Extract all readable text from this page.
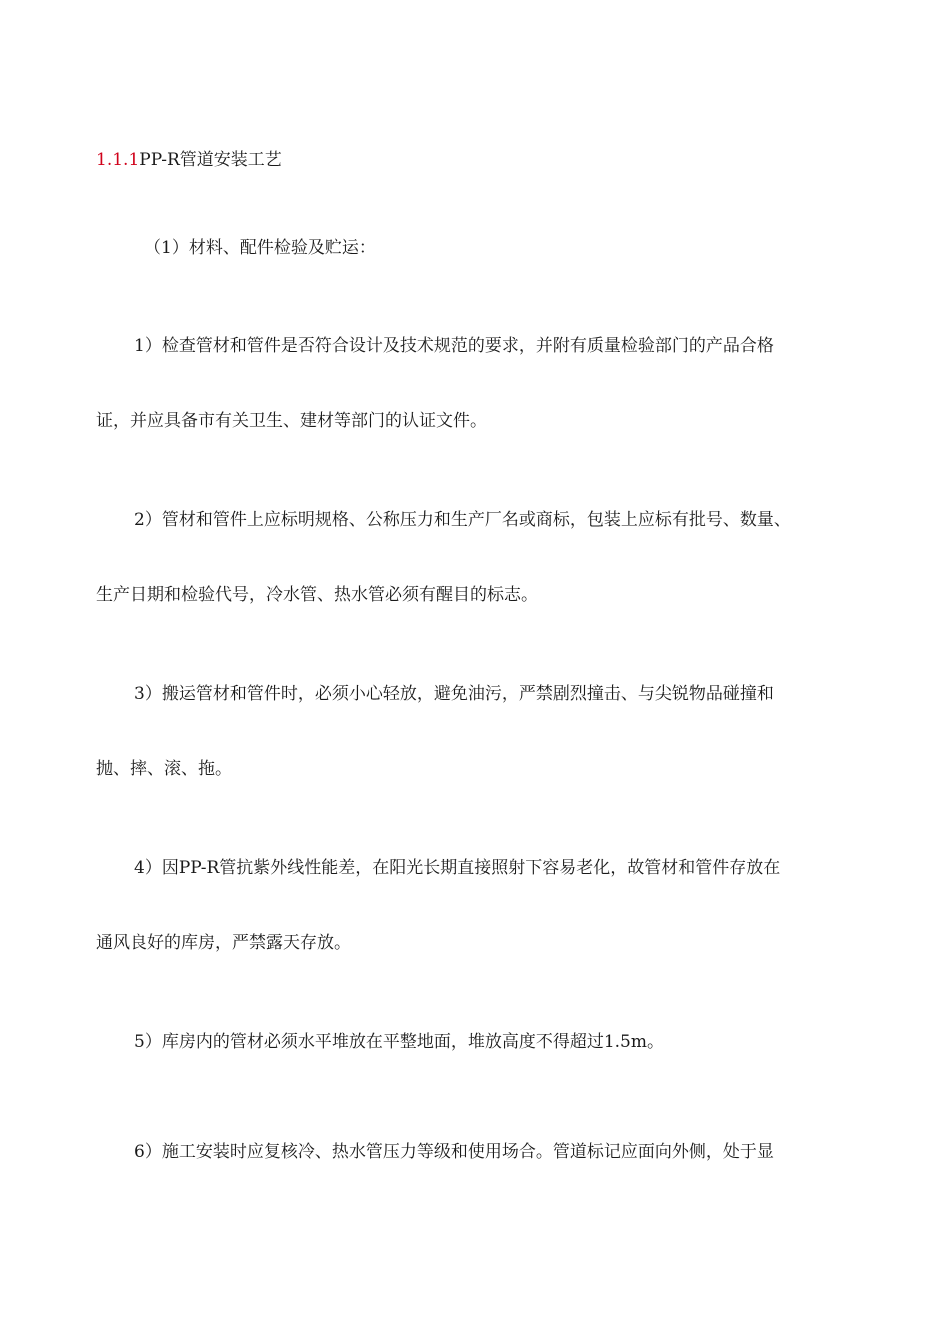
1.1.1PP-R管道安装工艺
（1）材料、配件检验及贮运：
1）检查管材和管件是否符合设计及技术规范的要求，并附有质量检验部门的产品合格
证，并应具备市有关卫生、建材等部门的认证文件。
2）管材和管件上应标明规格、公称压力和生产厂名或商标，包装上应标有批号、数量、
生产日期和检验代号，冷水管、热水管必须有醒目的标志。
3）搬运管材和管件时，必须小心轻放，避免油污，严禁剧烈撞击、与尖锐物品碰撞和
抛、摔、滚、拖。
4）因PP-R管抗紫外线性能差，在阳光长期直接照射下容易老化，故管材和管件存放在
通风良好的库房，严禁露天存放。
5）库房内的管材必须水平堆放在平整地面，堆放高度不得超过1.5m。
6）施工安装时应复核冷、热水管压力等级和使用场合。管道标记应面向外侧，处于显
